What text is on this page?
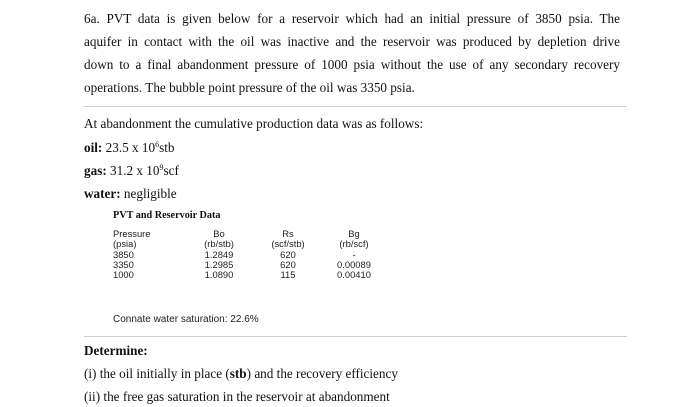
6a. PVT data is given below for a reservoir which had an initial pressure of 3850 psia. The
aquifer in contact with the oil was inactive and the reservoir was produced by depletion drive
down to a final abandonment pressure of 1000 psia without the use of any secondary recovery
operations. The bubble point pressure of the oil was 3350 psia.
At abandonment the cumulative production data was as follows:
oil: 23.5 x $10^6stb$
gas: 31.2 x $10^9scf$
water: negligible
PVT and Reservoir Data
Pressure
(psia)
3850
3350
1000
Bo
(rb/stb)
1.2849
1.2985
1.0890
Rs
(scf/stb)
620
620
115
Bg
(rb/scf)
-
0.00089
0.00410
Connate water saturation: 22.6%
Determine:
(i) the oil initially in place (stb) and the recovery efficiency
(ii) the free gas saturation in the reservoir at abandonment
